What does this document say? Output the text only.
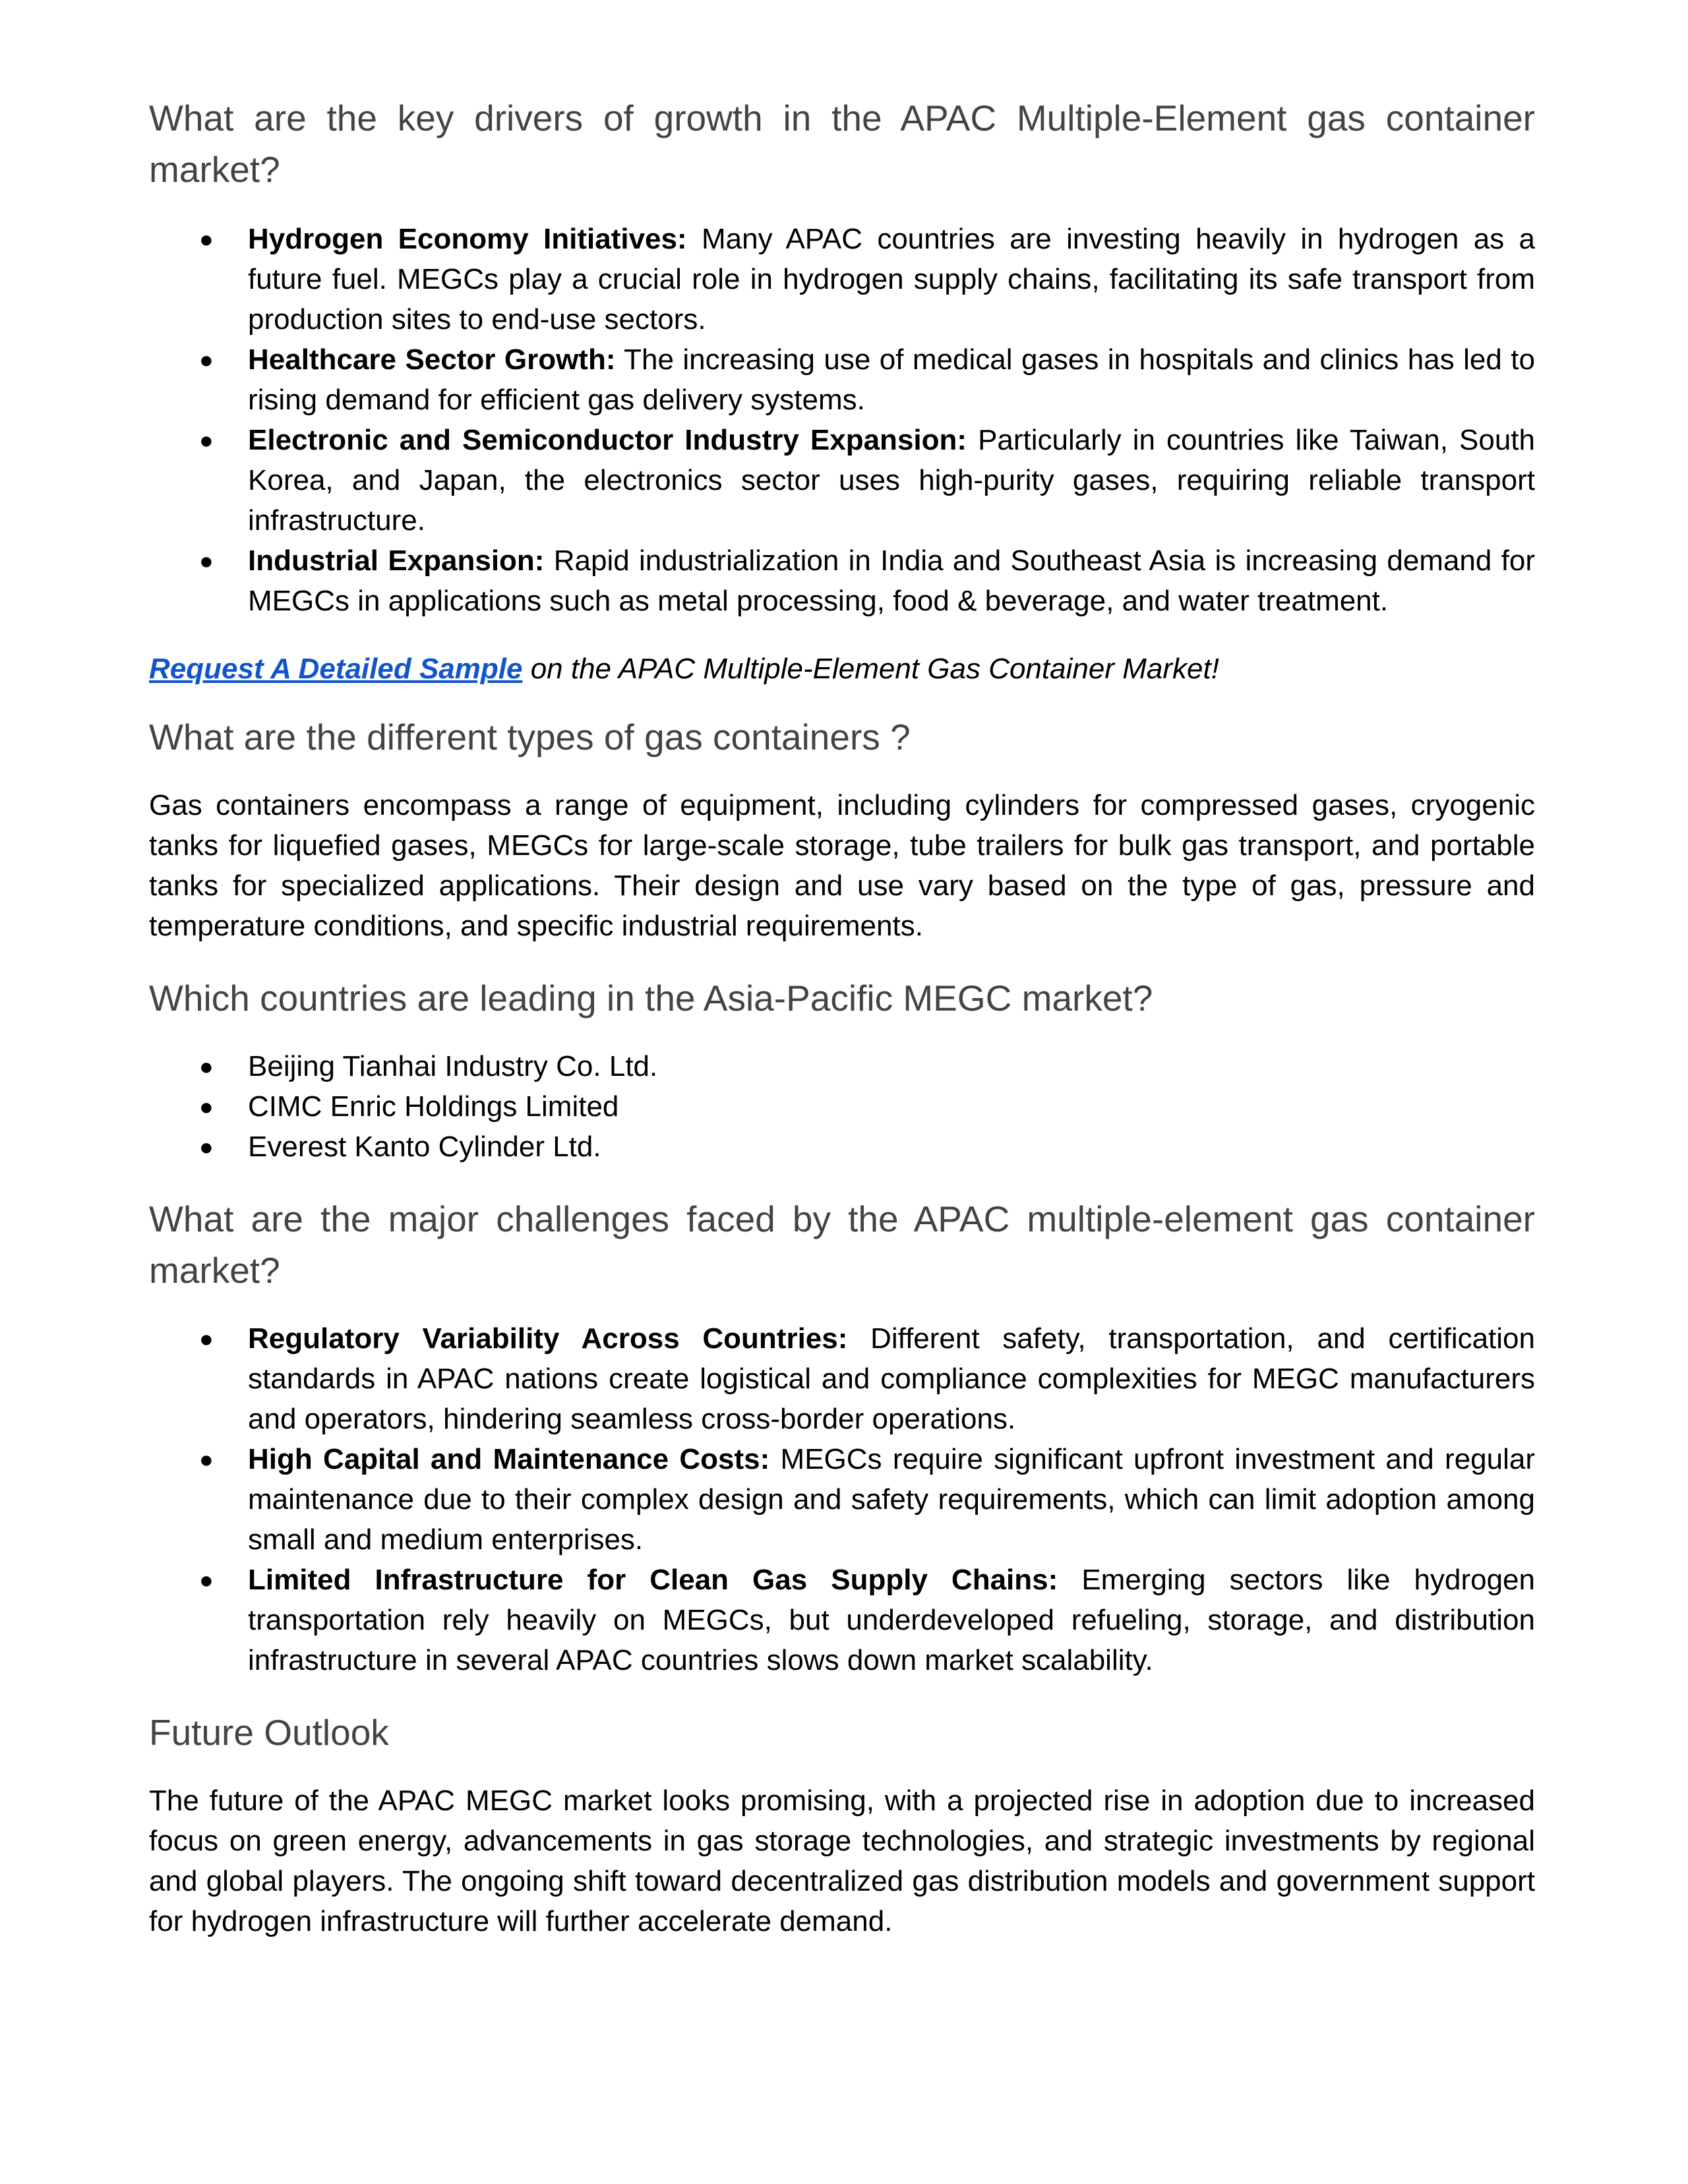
What are the key drivers of growth in the APAC Multiple-Element gas container market?
● Hydrogen Economy Initiatives: Many APAC countries are investing heavily in hydrogen as a future fuel. MEGCs play a crucial role in hydrogen supply chains, facilitating its safe transport from production sites to end-use sectors.
● Healthcare Sector Growth: The increasing use of medical gases in hospitals and clinics has led to rising demand for efficient gas delivery systems.
● Electronic and Semiconductor Industry Expansion: Particularly in countries like Taiwan, South Korea, and Japan, the electronics sector uses high-purity gases, requiring reliable transport infrastructure.
● Industrial Expansion: Rapid industrialization in India and Southeast Asia is increasing demand for MEGCs in applications such as metal processing, food & beverage, and water treatment.

Request A Detailed Sample on the APAC Multiple-Element Gas Container Market!

What are the different types of gas containers ?

Gas containers encompass a range of equipment, including cylinders for compressed gases, cryogenic tanks for liquefied gases, MEGCs for large-scale storage, tube trailers for bulk gas transport, and portable tanks for specialized applications. Their design and use vary based on the type of gas, pressure and temperature conditions, and specific industrial requirements.

Which countries are leading in the Asia-Pacific MEGC market?
● Beijing Tianhai Industry Co. Ltd.
● CIMC Enric Holdings Limited
● Everest Kanto Cylinder Ltd.
What are the major challenges faced by the APAC multiple-element gas container market?
● Regulatory Variability Across Countries: Different safety, transportation, and certification standards in APAC nations create logistical and compliance complexities for MEGC manufacturers and operators, hindering seamless cross-border operations.
● High Capital and Maintenance Costs: MEGCs require significant upfront investment and regular maintenance due to their complex design and safety requirements, which can limit adoption among small and medium enterprises.
● Limited Infrastructure for Clean Gas Supply Chains: Emerging sectors like hydrogen transportation rely heavily on MEGCs, but underdeveloped refueling, storage, and distribution infrastructure in several APAC countries slows down market scalability.
Future Outlook

The future of the APAC MEGC market looks promising, with a projected rise in adoption due to increased focus on green energy, advancements in gas storage technologies, and strategic investments by regional and global players. The ongoing shift toward decentralized gas distribution models and government support for hydrogen infrastructure will further accelerate demand.
